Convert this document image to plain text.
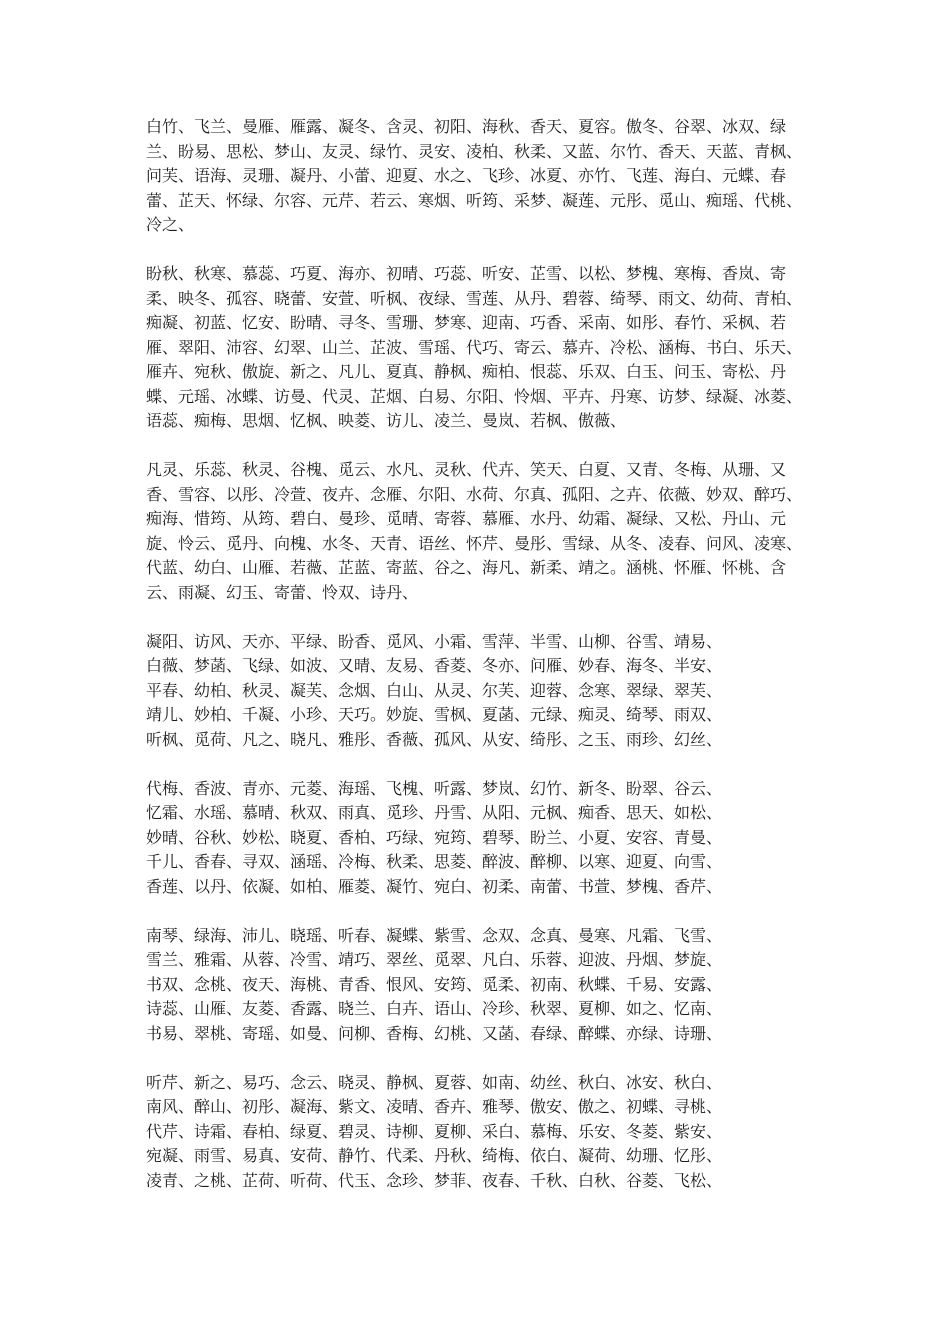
白竹、飞兰、曼雁、雁露、凝冬、含灵、初阳、海秋、香天、夏容。傲冬、谷翠、冰双、绿
兰、盼易、思松、梦山、友灵、绿竹、灵安、凌柏、秋柔、又蓝、尔竹、香天、天蓝、青枫、
问芙、语海、灵珊、凝丹、小蕾、迎夏、水之、飞珍、冰夏、亦竹、飞莲、海白、元蝶、春
蕾、芷天、怀绿、尔容、元芹、若云、寒烟、听筠、采梦、凝莲、元彤、觅山、痴瑶、代桃、
冷之、

盼秋、秋寒、慕蕊、巧夏、海亦、初晴、巧蕊、听安、芷雪、以松、梦槐、寒梅、香岚、寄
柔、映冬、孤容、晓蕾、安萱、听枫、夜绿、雪莲、从丹、碧蓉、绮琴、雨文、幼荷、青柏、
痴凝、初蓝、忆安、盼晴、寻冬、雪珊、梦寒、迎南、巧香、采南、如彤、春竹、采枫、若
雁、翠阳、沛容、幻翠、山兰、芷波、雪瑶、代巧、寄云、慕卉、冷松、涵梅、书白、乐天、
雁卉、宛秋、傲旋、新之、凡儿、夏真、静枫、痴柏、恨蕊、乐双、白玉、问玉、寄松、丹
蝶、元瑶、冰蝶、访曼、代灵、芷烟、白易、尔阳、怜烟、平卉、丹寒、访梦、绿凝、冰菱、
语蕊、痴梅、思烟、忆枫、映菱、访儿、凌兰、曼岚、若枫、傲薇、

凡灵、乐蕊、秋灵、谷槐、觅云、水凡、灵秋、代卉、笑天、白夏、又青、冬梅、从珊、又
香、雪容、以彤、冷萱、夜卉、念雁、尔阳、水荷、尔真、孤阳、之卉、依薇、妙双、醉巧、
痴海、惜筠、从筠、碧白、曼珍、觅晴、寄蓉、慕雁、水丹、幼霜、凝绿、又松、丹山、元
旋、怜云、觅丹、向槐、水冬、天青、语丝、怀芹、曼彤、雪绿、从冬、凌春、问风、凌寒、
代蓝、幼白、山雁、若薇、芷蓝、寄蓝、谷之、海凡、新柔、靖之。涵桃、怀雁、怀桃、含
云、雨凝、幻玉、寄蕾、怜双、诗丹、

凝阳、访风、天亦、平绿、盼香、觅风、小霜、雪萍、半雪、山柳、谷雪、靖易、
白薇、梦菡、飞绿、如波、又晴、友易、香菱、冬亦、问雁、妙春、海冬、半安、
平春、幼柏、秋灵、凝芙、念烟、白山、从灵、尔芙、迎蓉、念寒、翠绿、翠芙、
靖儿、妙柏、千凝、小珍、天巧。妙旋、雪枫、夏菡、元绿、痴灵、绮琴、雨双、
听枫、觅荷、凡之、晓凡、雅彤、香薇、孤风、从安、绮彤、之玉、雨珍、幻丝、

代梅、香波、青亦、元菱、海瑶、飞槐、听露、梦岚、幻竹、新冬、盼翠、谷云、
忆霜、水瑶、慕晴、秋双、雨真、觅珍、丹雪、从阳、元枫、痴香、思天、如松、
妙晴、谷秋、妙松、晓夏、香柏、巧绿、宛筠、碧琴、盼兰、小夏、安容、青曼、
千儿、香春、寻双、涵瑶、冷梅、秋柔、思菱、醉波、醉柳、以寒、迎夏、向雪、
香莲、以丹、依凝、如柏、雁菱、凝竹、宛白、初柔、南蕾、书萱、梦槐、香芹、

南琴、绿海、沛儿、晓瑶、听春、凝蝶、紫雪、念双、念真、曼寒、凡霜、飞雪、
雪兰、雅霜、从蓉、冷雪、靖巧、翠丝、觅翠、凡白、乐蓉、迎波、丹烟、梦旋、
书双、念桃、夜天、海桃、青香、恨风、安筠、觅柔、初南、秋蝶、千易、安露、
诗蕊、山雁、友菱、香露、晓兰、白卉、语山、冷珍、秋翠、夏柳、如之、忆南、
书易、翠桃、寄瑶、如曼、问柳、香梅、幻桃、又菡、春绿、醉蝶、亦绿、诗珊、

听芹、新之、易巧、念云、晓灵、静枫、夏蓉、如南、幼丝、秋白、冰安、秋白、
南风、醉山、初彤、凝海、紫文、凌晴、香卉、雅琴、傲安、傲之、初蝶、寻桃、
代芹、诗霜、春柏、绿夏、碧灵、诗柳、夏柳、采白、慕梅、乐安、冬菱、紫安、
宛凝、雨雪、易真、安荷、静竹、代柔、丹秋、绮梅、依白、凝荷、幼珊、忆彤、
凌青、之桃、芷荷、听荷、代玉、念珍、梦菲、夜春、千秋、白秋、谷菱、飞松、
